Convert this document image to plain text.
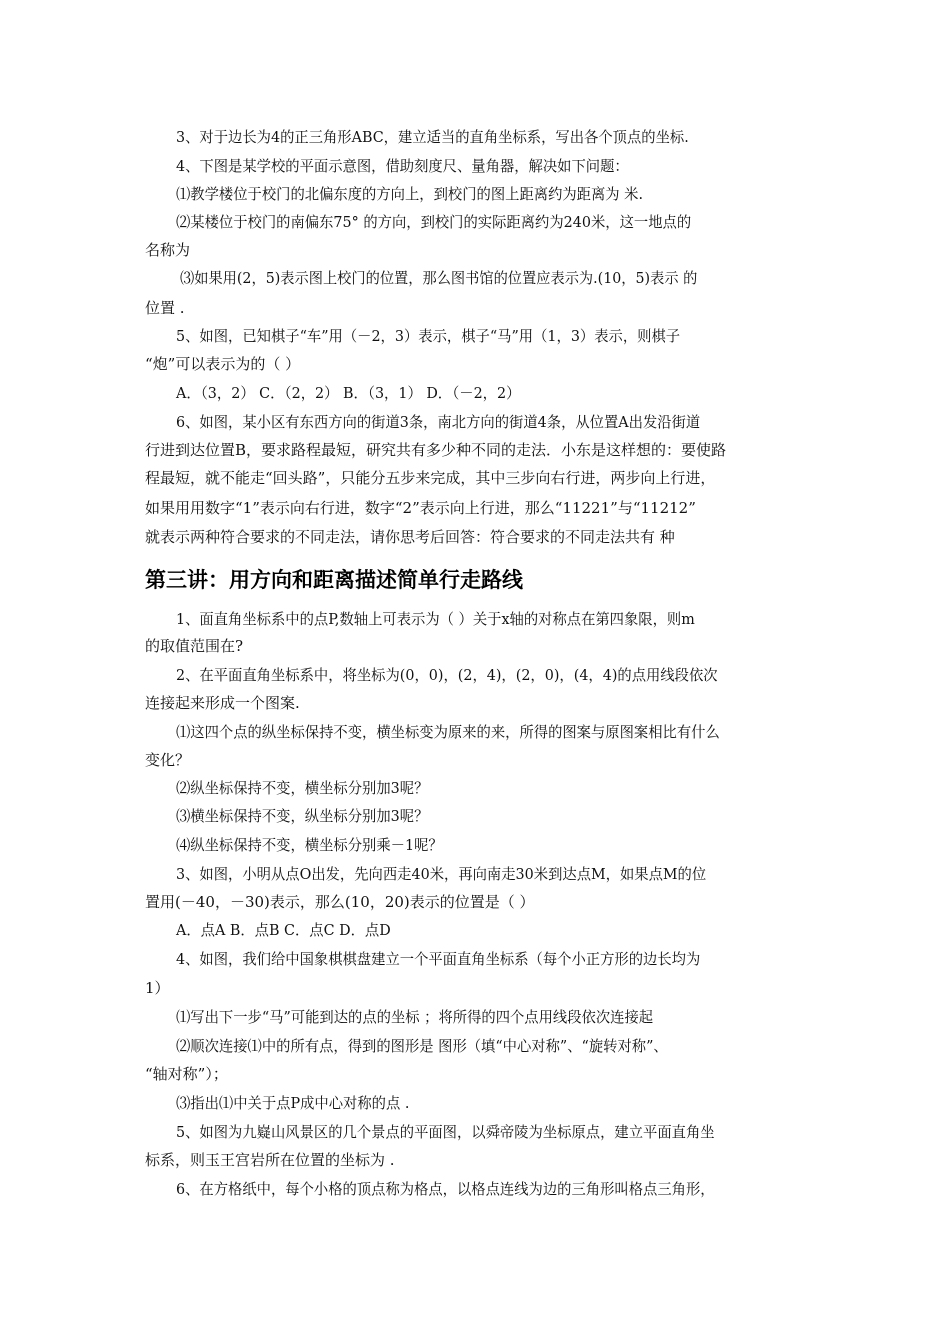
3、对于边长为4的正三角形ABC，建立适当的直角坐标系，写出各个顶点的坐标.
4、下图是某学校的平面示意图，借助刻度尺、量角器，解决如下问题：
⑴教学楼位于校门的北偏东度的方向上，到校门的图上距离约为距离为 米.
⑵某楼位于校门的南偏东75° 的方向，到校门的实际距离约为240米，这一地点的
名称为
⑶如果用(2，5)表示图上校门的位置，那么图书馆的位置应表示为.(10，5)表示 的
位置 .
5、如图，已知棋子“车”用（－2，3）表示，棋子“马”用（1，3）表示，则棋子
“炮”可以表示为的（ ）
A．（3，2） C．（2，2） B．（3，1） D．（－2，2）
6、如图，某小区有东西方向的街道3条，南北方向的街道4条，从位置A出发沿街道
行进到达位置B，要求路程最短，研究共有多少种不同的走法．小东是这样想的：要使路
程最短，就不能走“回头路”，只能分五步来完成，其中三步向右行进，两步向上行进，
如果用用数字“1”表示向右行进，数字“2”表示向上行进，那么“11221”与“11212”
就表示两种符合要求的不同走法，请你思考后回答：符合要求的不同走法共有 种
第三讲：用方向和距离描述简单行走路线
1、面直角坐标系中的点P,数轴上可表示为（ ）关于x轴的对称点在第四象限，则m
的取值范围在?
2、在平面直角坐标系中，将坐标为(0，0)，(2，4)，(2，0)，(4，4)的点用线段依次
连接起来形成一个图案.
⑴这四个点的纵坐标保持不变，横坐标变为原来的来，所得的图案与原图案相比有什么
变化？
⑵纵坐标保持不变，横坐标分别加3呢？
⑶横坐标保持不变，纵坐标分别加3呢？
⑷纵坐标保持不变，横坐标分别乘－1呢？
3、如图，小明从点O出发，先向西走40米，再向南走30米到达点M，如果点M的位
置用(－40，－30)表示，那么(10，20)表示的位置是（ ）
A．点A B．点B C．点C D．点D
4、如图，我们给中国象棋棋盘建立一个平面直角坐标系（每个小正方形的边长均为
1）
⑴写出下一步“马”可能到达的点的坐标 ；将所得的四个点用线段依次连接起
⑵顺次连接⑴中的所有点，得到的图形是 图形（填“中心对称”、“旋转对称”、
“轴对称”）；
⑶指出⑴中关于点P成中心对称的点 .
5、如图为九嶷山风景区的几个景点的平面图，以舜帝陵为坐标原点，建立平面直角坐
标系，则玉王宫岩所在位置的坐标为 .
6、在方格纸中，每个小格的顶点称为格点，以格点连线为边的三角形叫格点三角形，
